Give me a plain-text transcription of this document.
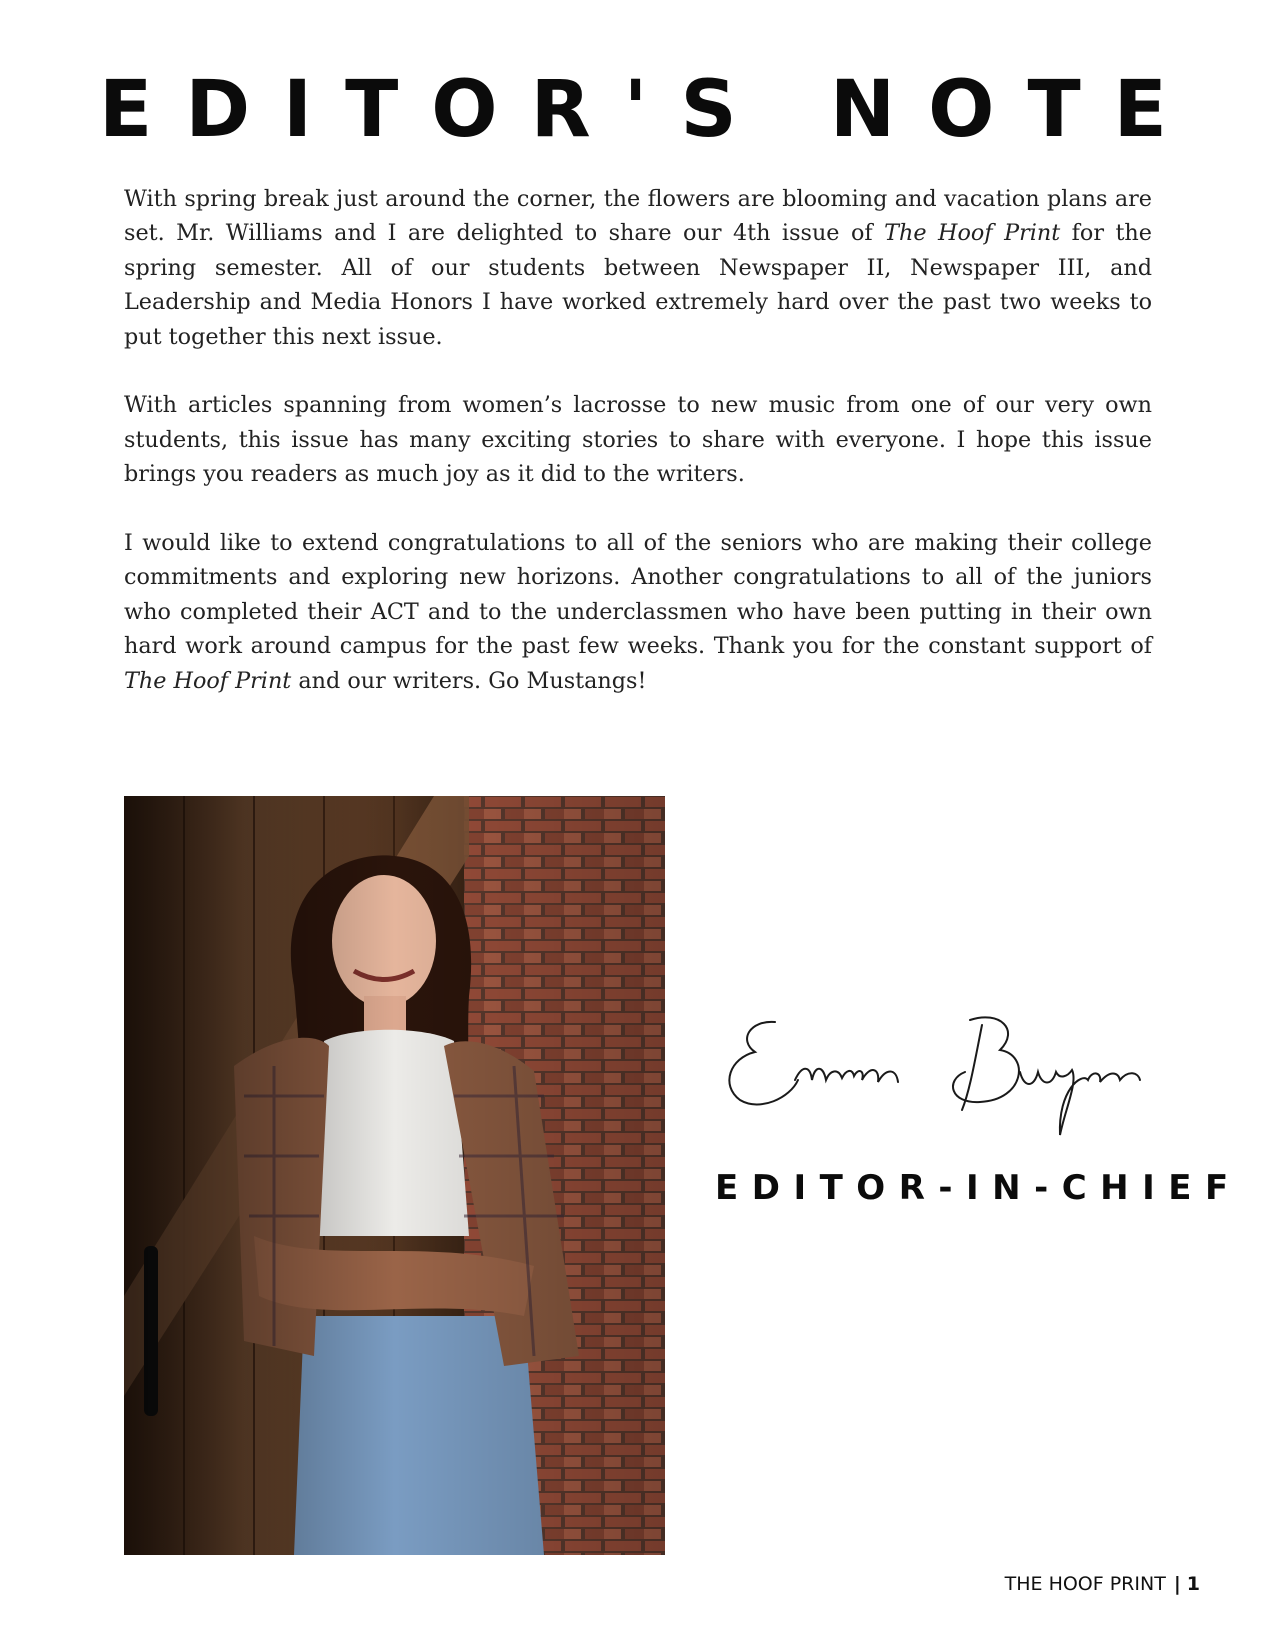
EDITOR'S NOTE

With spring break just around the corner, the flowers are blooming and vacation plans are set. Mr. Williams and I are delighted to share our 4th issue of The Hoof Print for the spring semester. All of our students between Newspaper II, Newspaper III, and Leadership and Media Honors I have worked extremely hard over the past two weeks to put together this next issue.

With articles spanning from women’s lacrosse to new music from one of our very own students, this issue has many exciting stories to share with everyone. I hope this issue brings you readers as much joy as it did to the writers.

I would like to extend congratulations to all of the seniors who are making their college commitments and exploring new horizons. Another congratulations to all of the juniors who completed their ACT and to the underclassmen who have been putting in their own hard work around campus for the past few weeks. Thank you for the constant support of The Hoof Print and our writers. Go Mustangs!

EDITOR-IN-CHIEF
THE HOOF PRINT | 1
